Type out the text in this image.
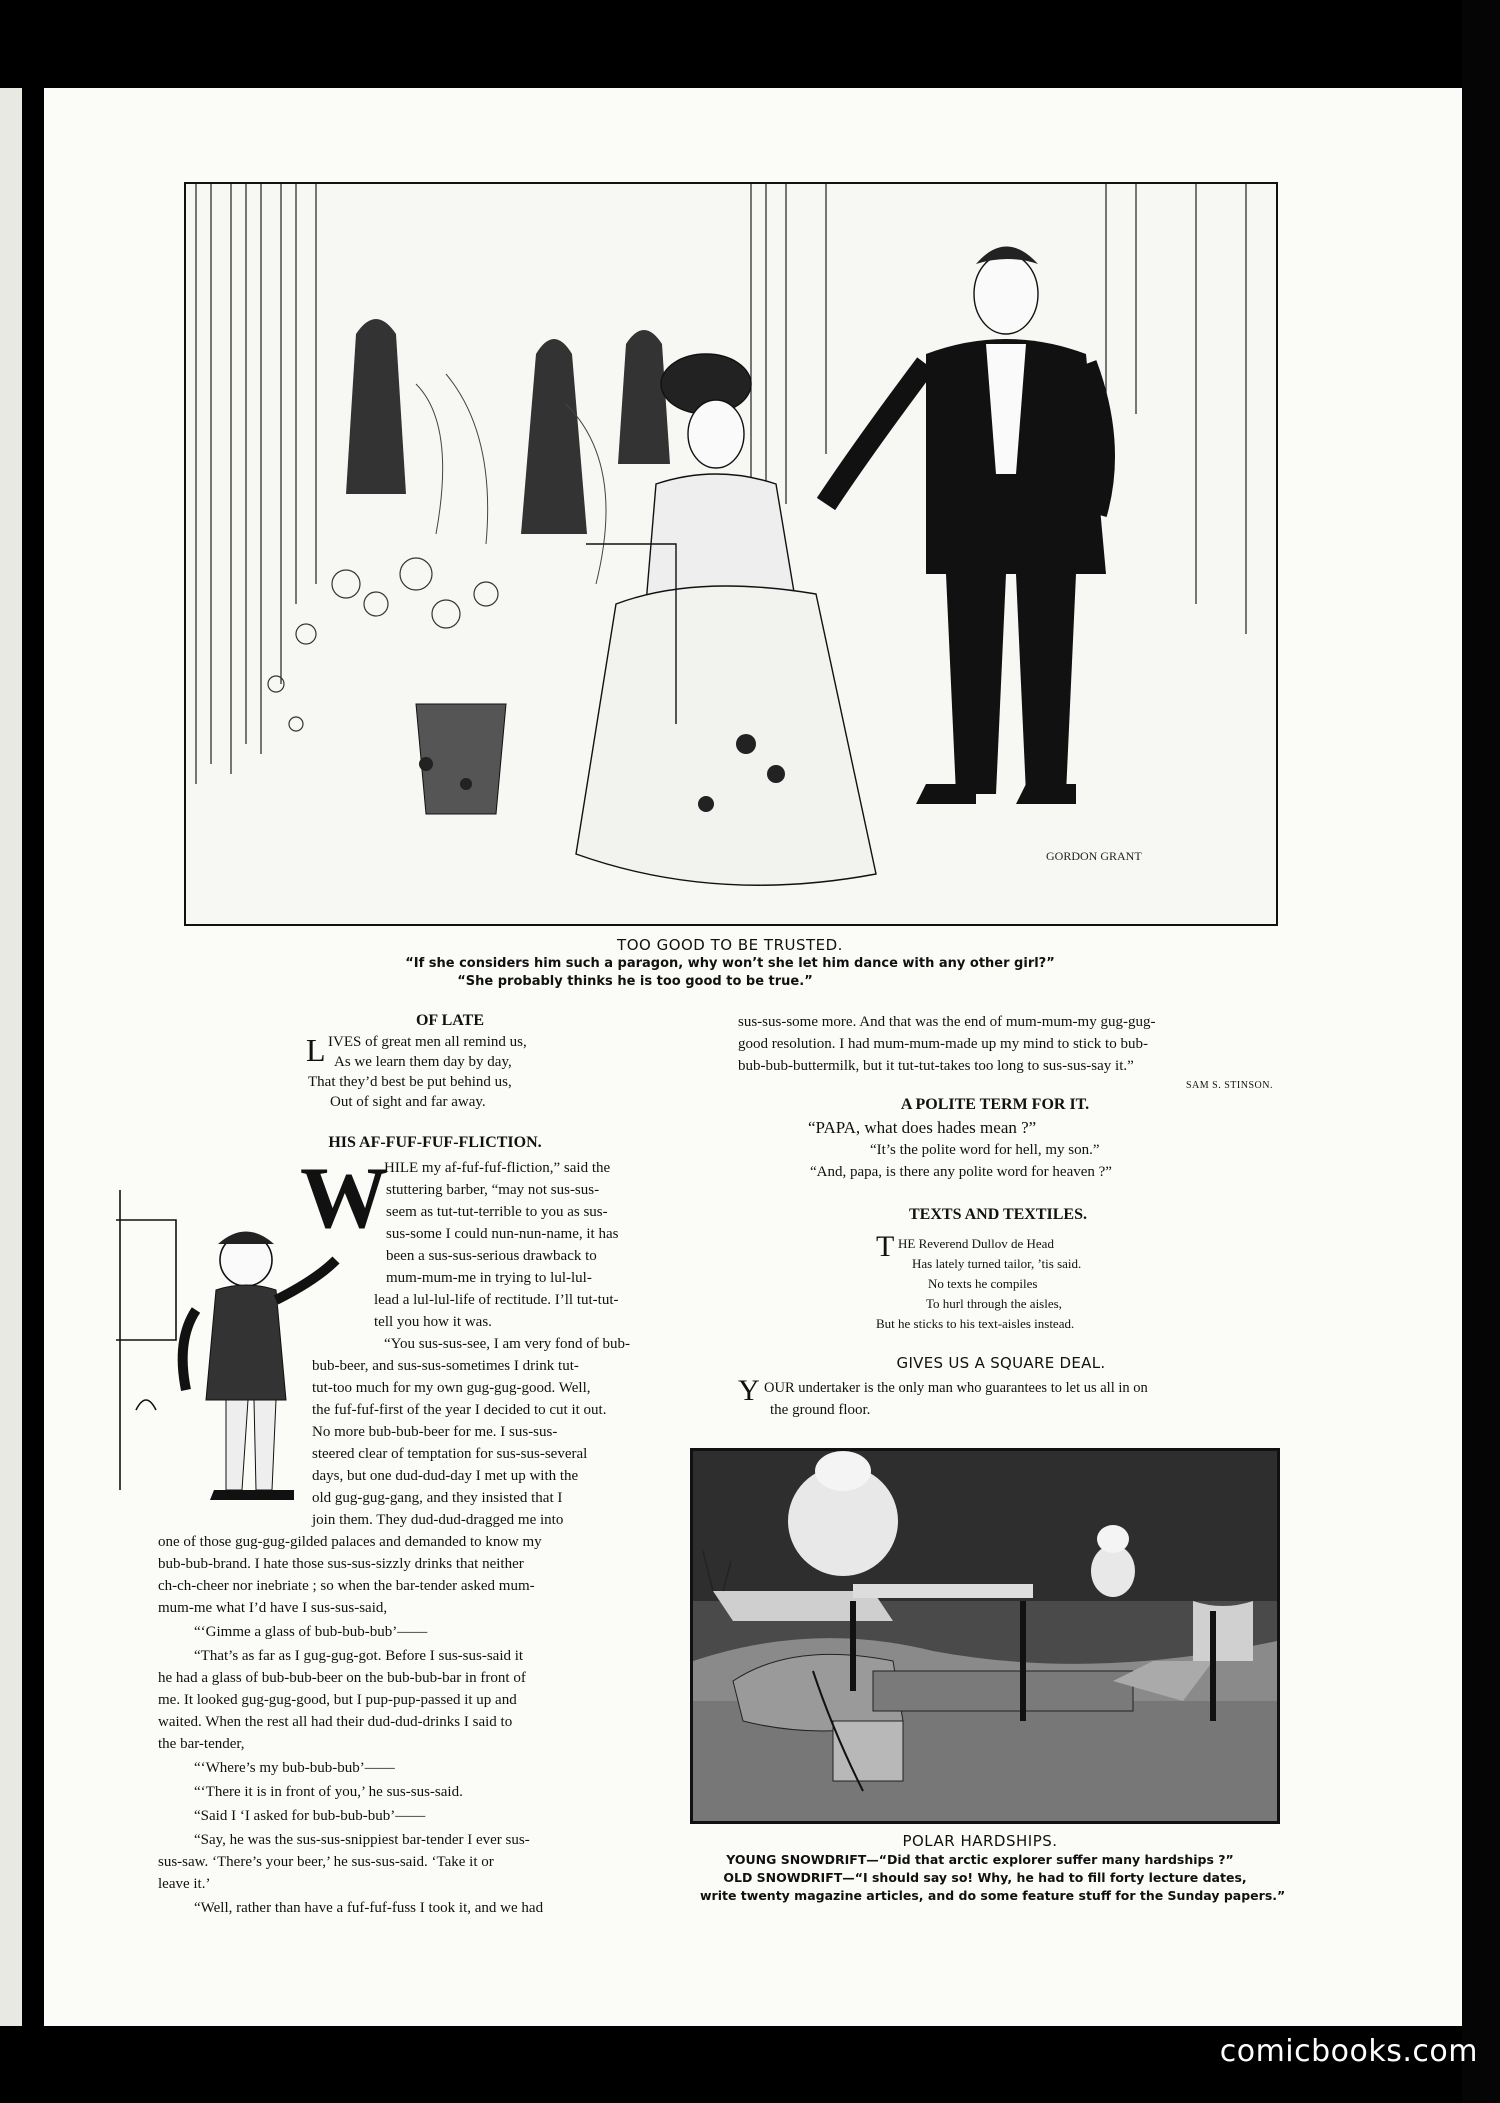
GORDON GRANT
TOO GOOD TO BE TRUSTED.
“If she considers him such a paragon, why won’t she let him dance with any other girl?”
“She probably thinks he is too good to be true.”
OF LATE
L IVES of great men all remind us,
As we learn them day by day,
That they’d best be put behind us,
Out of sight and far away.
HIS AF-FUF-FUF-FLICTION.
W
HILE my af-fuf-fuf-fliction,” said the
stuttering barber, “may not sus-sus-
seem as tut-tut-terrible to you as sus-
sus-some I could nun-nun-name, it has
been a sus-sus-serious drawback to
mum-mum-me in trying to lul-lul-
lead a lul-lul-life of rectitude. I’ll tut-tut-
tell you how it was.
“You sus-sus-see, I am very fond of bub-
bub-beer, and sus-sus-sometimes I drink tut-
tut-too much for my own gug-gug-good. Well,
the fuf-fuf-first of the year I decided to cut it out.
No more bub-bub-beer for me. I sus-sus-
steered clear of temptation for sus-sus-several
days, but one dud-dud-day I met up with the
old gug-gug-gang, and they insisted that I
join them. They dud-dud-dragged me into
one of those gug-gug-gilded palaces and demanded to know my
bub-bub-brand. I hate those sus-sus-sizzly drinks that neither
ch-ch-cheer nor inebriate ; so when the bar-tender asked mum-
mum-me what I’d have I sus-sus-said,
“‘Gimme a glass of bub-bub-bub’——
“That’s as far as I gug-gug-got. Before I sus-sus-said it
he had a glass of bub-bub-beer on the bub-bub-bar in front of
me. It looked gug-gug-good, but I pup-pup-passed it up and
waited. When the rest all had their dud-dud-drinks I said to
the bar-tender,
“‘Where’s my bub-bub-bub’——
“‘There it is in front of you,’ he sus-sus-said.
“Said I ‘I asked for bub-bub-bub’——
“Say, he was the sus-sus-snippiest bar-tender I ever sus-
sus-saw. ‘There’s your beer,’ he sus-sus-said. ‘Take it or
leave it.’
“Well, rather than have a fuf-fuf-fuss I took it, and we had
sus-sus-some more. And that was the end of mum-mum-my gug-gug-
good resolution. I had mum-mum-made up my mind to stick to bub-
bub-bub-buttermilk, but it tut-tut-takes too long to sus-sus-say it.”
SAM S. STINSON.
A POLITE TERM FOR IT.
“PAPA, what does hades mean ?”
“It’s the polite word for hell, my son.”
“And, papa, is there any polite word for heaven ?”
TEXTS AND TEXTILES.
T HE Reverend Dullov de Head
Has lately turned tailor, ’tis said.
No texts he compiles
To hurl through the aisles,
But he sticks to his text-aisles instead.
GIVES US A SQUARE DEAL.
Y OUR undertaker is the only man who guarantees to let us all in on
the ground floor.
POLAR HARDSHIPS.
YOUNG SNOWDRIFT—“Did that arctic explorer suffer many hardships ?”
OLD SNOWDRIFT—“I should say so! Why, he had to fill forty lecture dates,
write twenty magazine articles, and do some feature stuff for the Sunday papers.”
comicbooks.com
